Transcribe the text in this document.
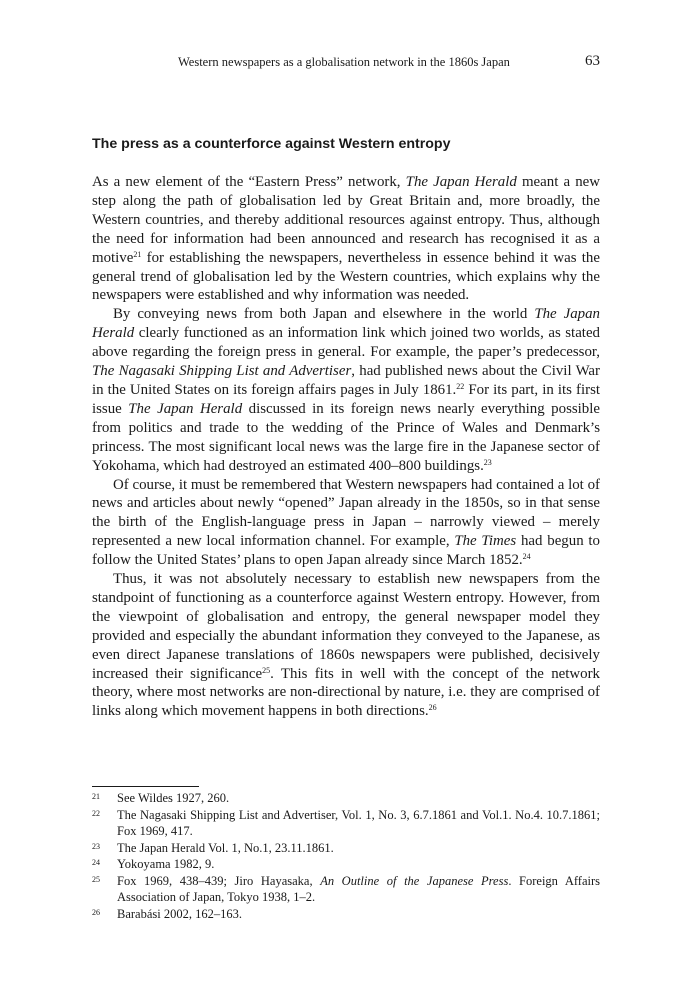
Western newspapers as a globalisation network in the 1860s Japan	63
The press as a counterforce against Western entropy

As a new element of the “Eastern Press” network, The Japan Herald meant a new step along the path of globalisation led by Great Britain and, more broadly, the Western countries, and thereby additional resources against entropy. Thus, although the need for information had been announced and research has recognised it as a motive$^{21}$ for establishing the newspapers, nevertheless in essence behind it was the general trend of globalisation led by the Western countries, which explains why the newspapers were established and why information was needed.

By conveying news from both Japan and elsewhere in the world The Japan Herald clearly functioned as an information link which joined two worlds, as stated above regarding the foreign press in general. For example, the paper’s predecessor, The Nagasaki Shipping List and Advertiser, had published news about the Civil War in the United States on its foreign affairs pages in July 1861.22 For its part, in its first issue The Japan Herald discussed in its foreign news nearly everything possible from politics and trade to the wedding of the Prince of Wales and Denmark’s princess. The most significant local news was the large fire in the Japanese sector of Yokohama, which had destroyed an estimated 400–800 buildings.$^{23}$

Of course, it must be remembered that Western newspapers had contained a lot of news and articles about newly “opened” Japan already in the 1850s, so in that sense the birth of the English-language press in Japan – narrowly viewed – merely represented a new local information channel. For example, The Times had begun to follow the United States’ plans to open Japan already since March 1852.24

Thus, it was not absolutely necessary to establish new newspapers from the standpoint of functioning as a counterforce against Western entropy. However, from the viewpoint of globalisation and entropy, the general newspaper model they provided and especially the abundant information they conveyed to the Japanese, as even direct Japanese translations of 1860s newspapers were published, decisively increased their significance$^{25}$. This fits in well with the concept of the network theory, where most networks are non-directional by nature, i.e. they are comprised of links along which movement happens in both directions.$^{26}$

21 See Wildes 1927, 260.
22 The Nagasaki Shipping List and Advertiser, Vol. 1, No. 3, 6.7.1861 and Vol.1. No.4. 10.7.1861; Fox 1969, 417.
23 The Japan Herald Vol. 1, No.1, 23.11.1861.
24 Yokoyama 1982, 9.
25 Fox 1969, 438–439; Jiro Hayasaka, An Outline of the Japanese Press. Foreign Affairs Association of Japan, Tokyo 1938, 1–2.
26 Barabási 2002, 162–163.
